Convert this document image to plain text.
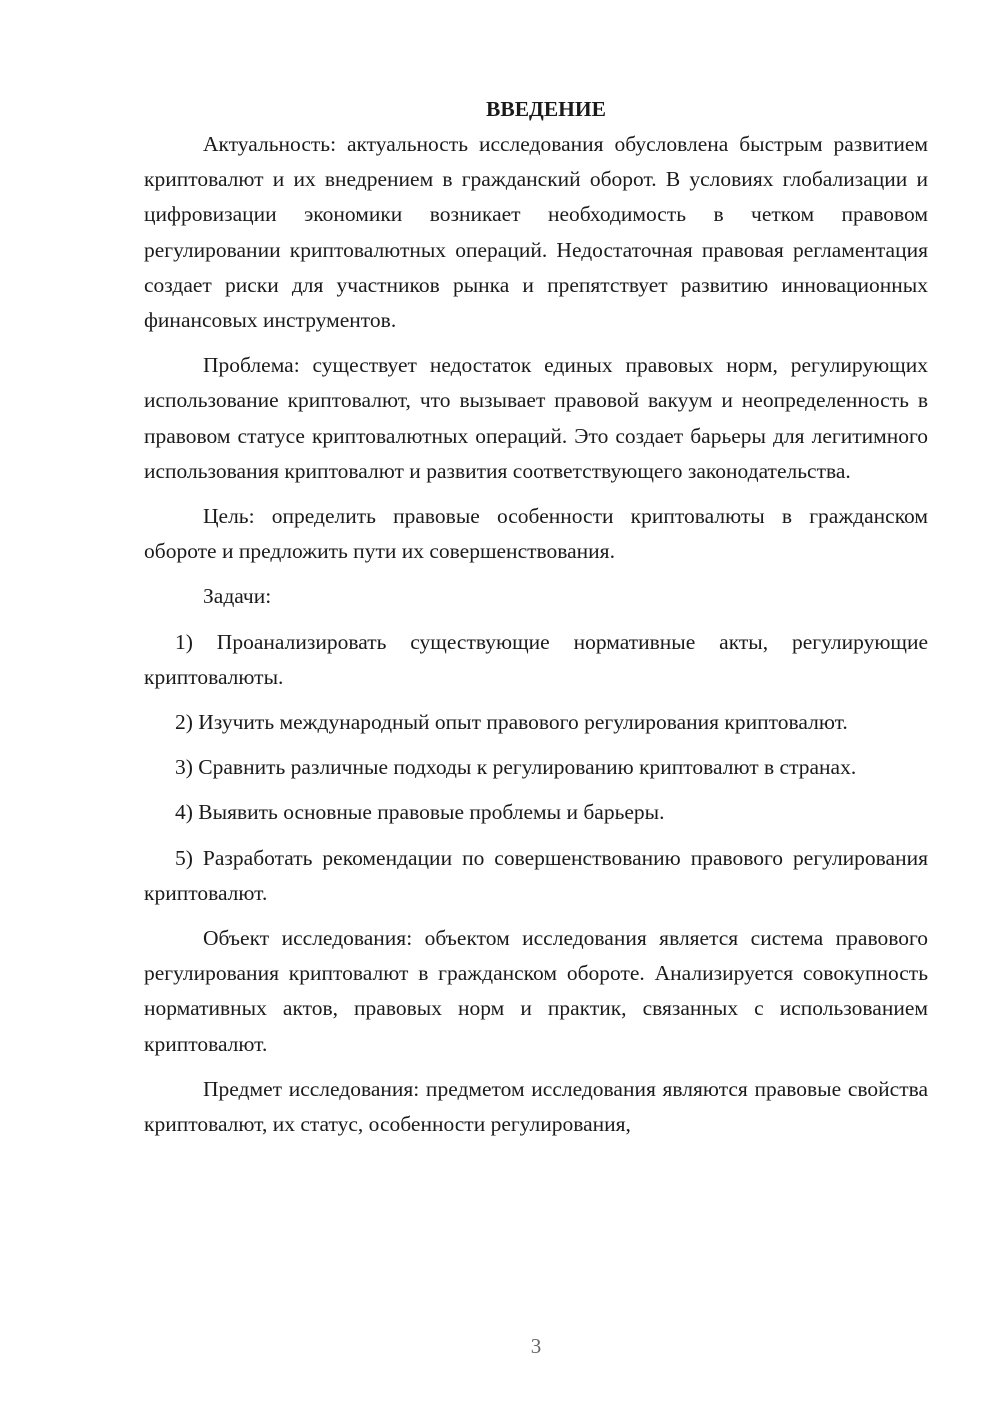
ВВЕДЕНИЕ

Актуальность: актуальность исследования обусловлена быстрым развитием криптовалют и их внедрением в гражданский оборот. В условиях глобализации и цифровизации экономики возникает необходимость в четком правовом регулировании криптовалютных операций. Недостаточная правовая регламентация создает риски для участников рынка и препятствует развитию инновационных финансовых инструментов.

Проблема: существует недостаток единых правовых норм, регулирующих использование криптовалют, что вызывает правовой вакуум и неопределенность в правовом статусе криптовалютных операций. Это создает барьеры для легитимного использования криптовалют и развития соответствующего законодательства.

Цель: определить правовые особенности криптовалюты в гражданском обороте и предложить пути их совершенствования.

Задачи:

1) Проанализировать существующие нормативные акты, регулирующие криптовалюты.

2) Изучить международный опыт правового регулирования криптовалют.

3) Сравнить различные подходы к регулированию криптовалют в странах.

4) Выявить основные правовые проблемы и барьеры.

5) Разработать рекомендации по совершенствованию правового регулирования криптовалют.

Объект исследования: объектом исследования является система правового регулирования криптовалют в гражданском обороте. Анализируется совокупность нормативных актов, правовых норм и практик, связанных с использованием криптовалют.

Предмет исследования: предметом исследования являются правовые свойства криптовалют, их статус, особенности регулирования,

3
